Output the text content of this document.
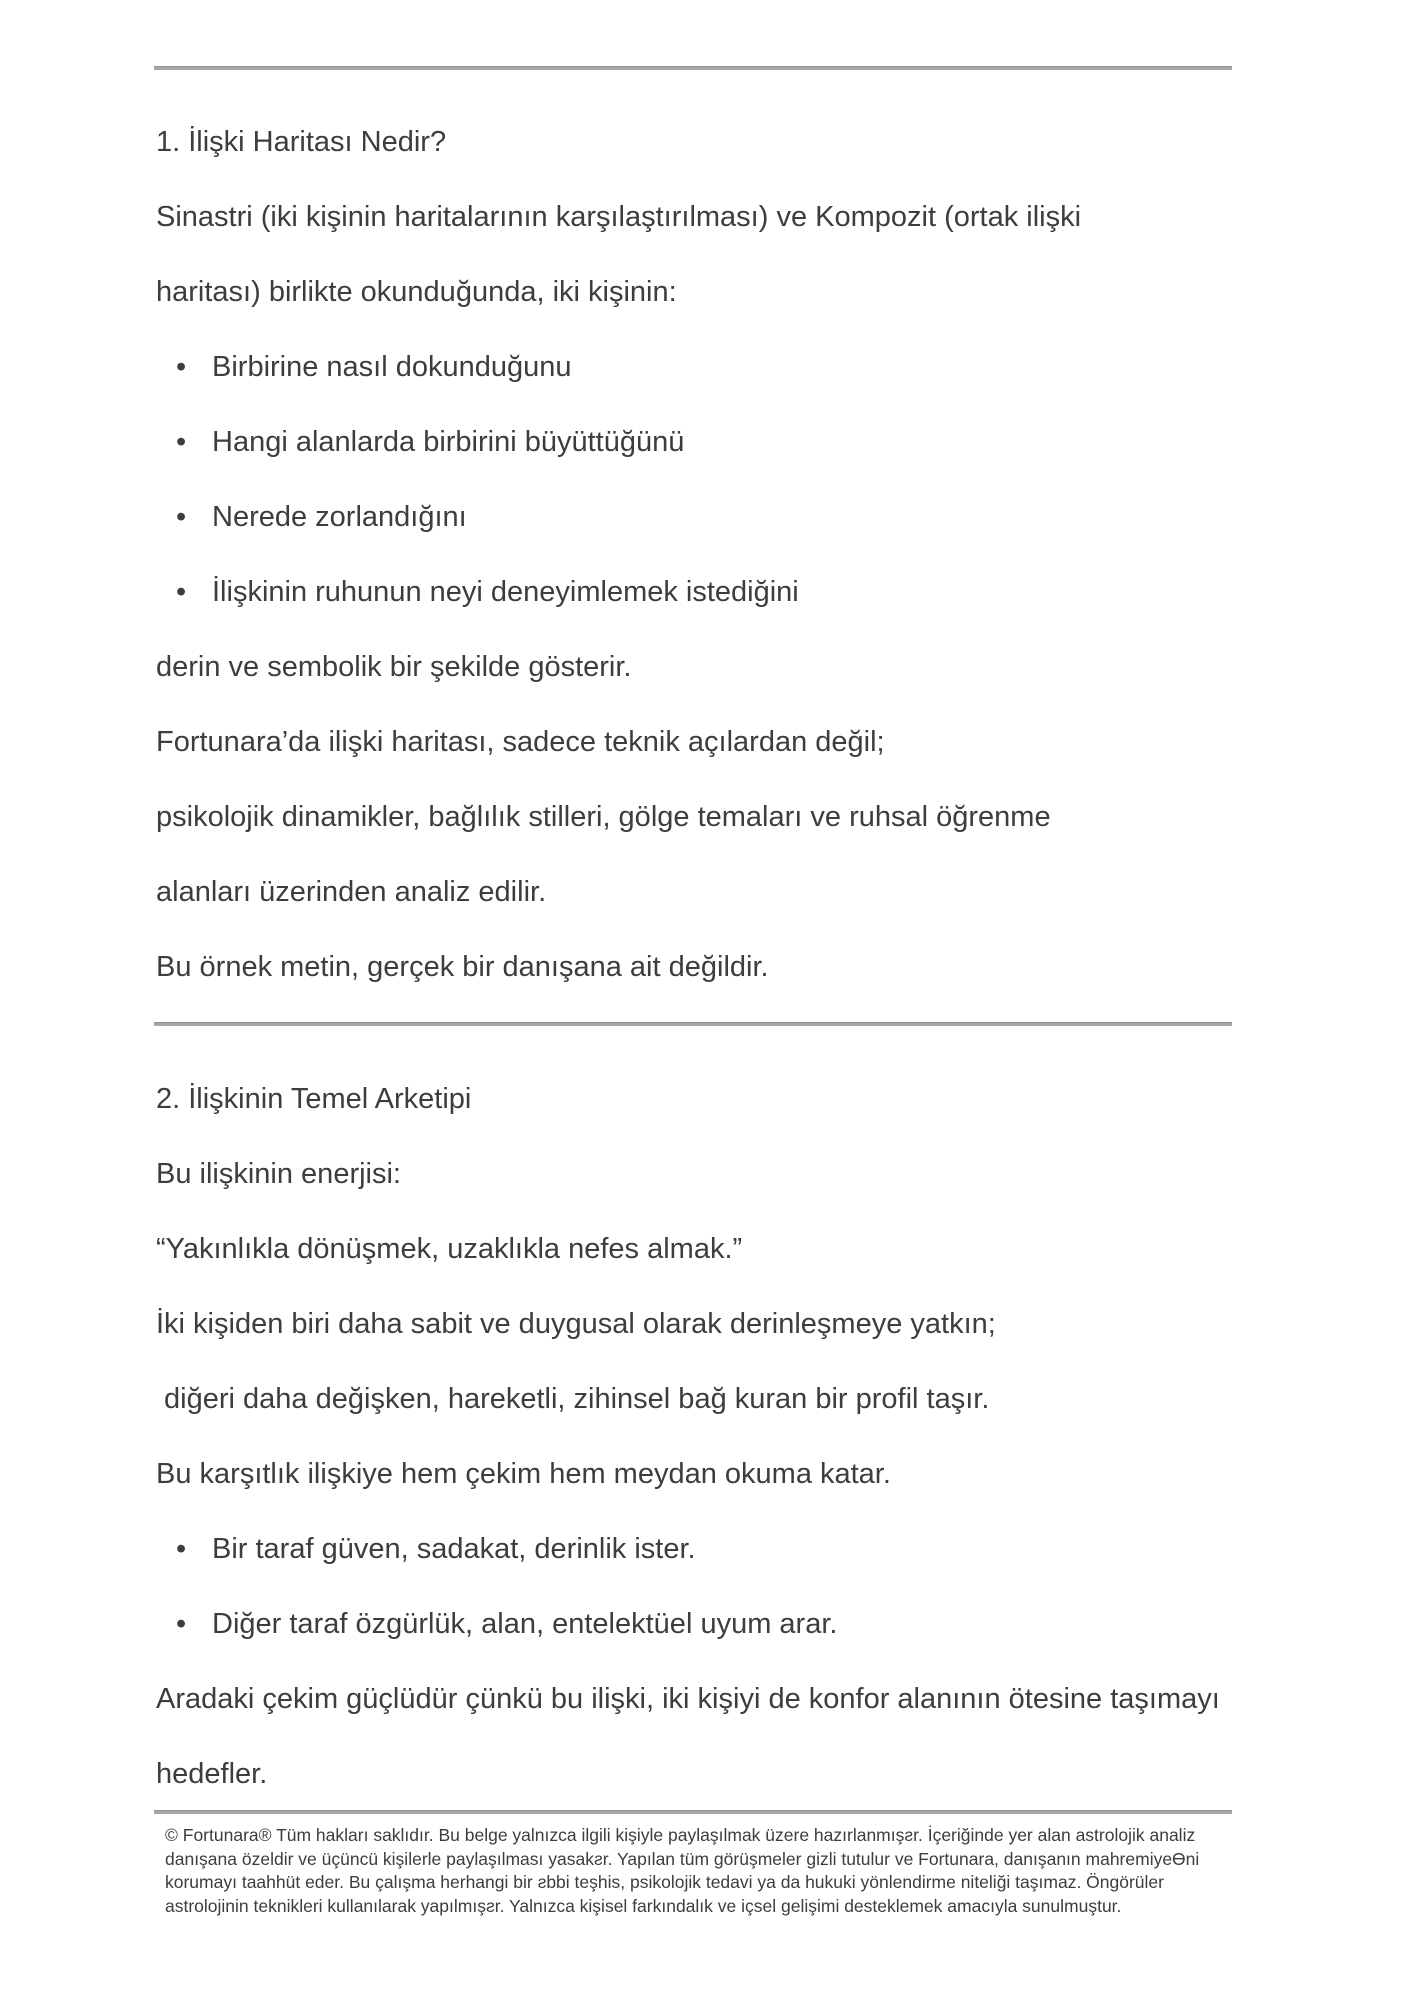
1. İlişki Haritası Nedir?
Sinastri (iki kişinin haritalarının karşılaştırılması) ve Kompozit (ortak ilişki
haritası) birlikte okunduğunda, iki kişinin:
• Birbirine nasıl dokunduğunu
• Hangi alanlarda birbirini büyüttüğünü
• Nerede zorlandığını
• İlişkinin ruhunun neyi deneyimlemek istediğini
derin ve sembolik bir şekilde gösterir.
Fortunara’da ilişki haritası, sadece teknik açılardan değil;
psikolojik dinamikler, bağlılık stilleri, gölge temaları ve ruhsal öğrenme
alanları üzerinden analiz edilir.
Bu örnek metin, gerçek bir danışana ait değildir.
2. İlişkinin Temel Arketipi
Bu ilişkinin enerjisi:
“Yakınlıkla dönüşmek, uzaklıkla nefes almak.”
İki kişiden biri daha sabit ve duygusal olarak derinleşmeye yatkın;
diğeri daha değişken, hareketli, zihinsel bağ kuran bir profil taşır.
Bu karşıtlık ilişkiye hem çekim hem meydan okuma katar.
• Bir taraf güven, sadakat, derinlik ister.
• Diğer taraf özgürlük, alan, entelektüel uyum arar.
Aradaki çekim güçlüdür çünkü bu ilişki, iki kişiyi de konfor alanının ötesine taşımayı
hedefler.
© Fortunara® Tüm hakları saklıdır. Bu belge yalnızca ilgili kişiyle paylaşılmak üzere hazırlanmışƨr. İçeriğinde yer alan astrolojik analiz
danışana özeldir ve üçüncü kişilerle paylaşılması yasakƨr. Yapılan tüm görüşmeler gizli tutulur ve Fortunara, danışanın mahremiyeƟni
korumayı taahhüt eder. Bu çalışma herhangi bir ƨbbi teşhis, psikolojik tedavi ya da hukuki yönlendirme niteliği taşımaz. Öngörüler
astrolojinin teknikleri kullanılarak yapılmışƨr. Yalnızca kişisel farkındalık ve içsel gelişimi desteklemek amacıyla sunulmuştur.
